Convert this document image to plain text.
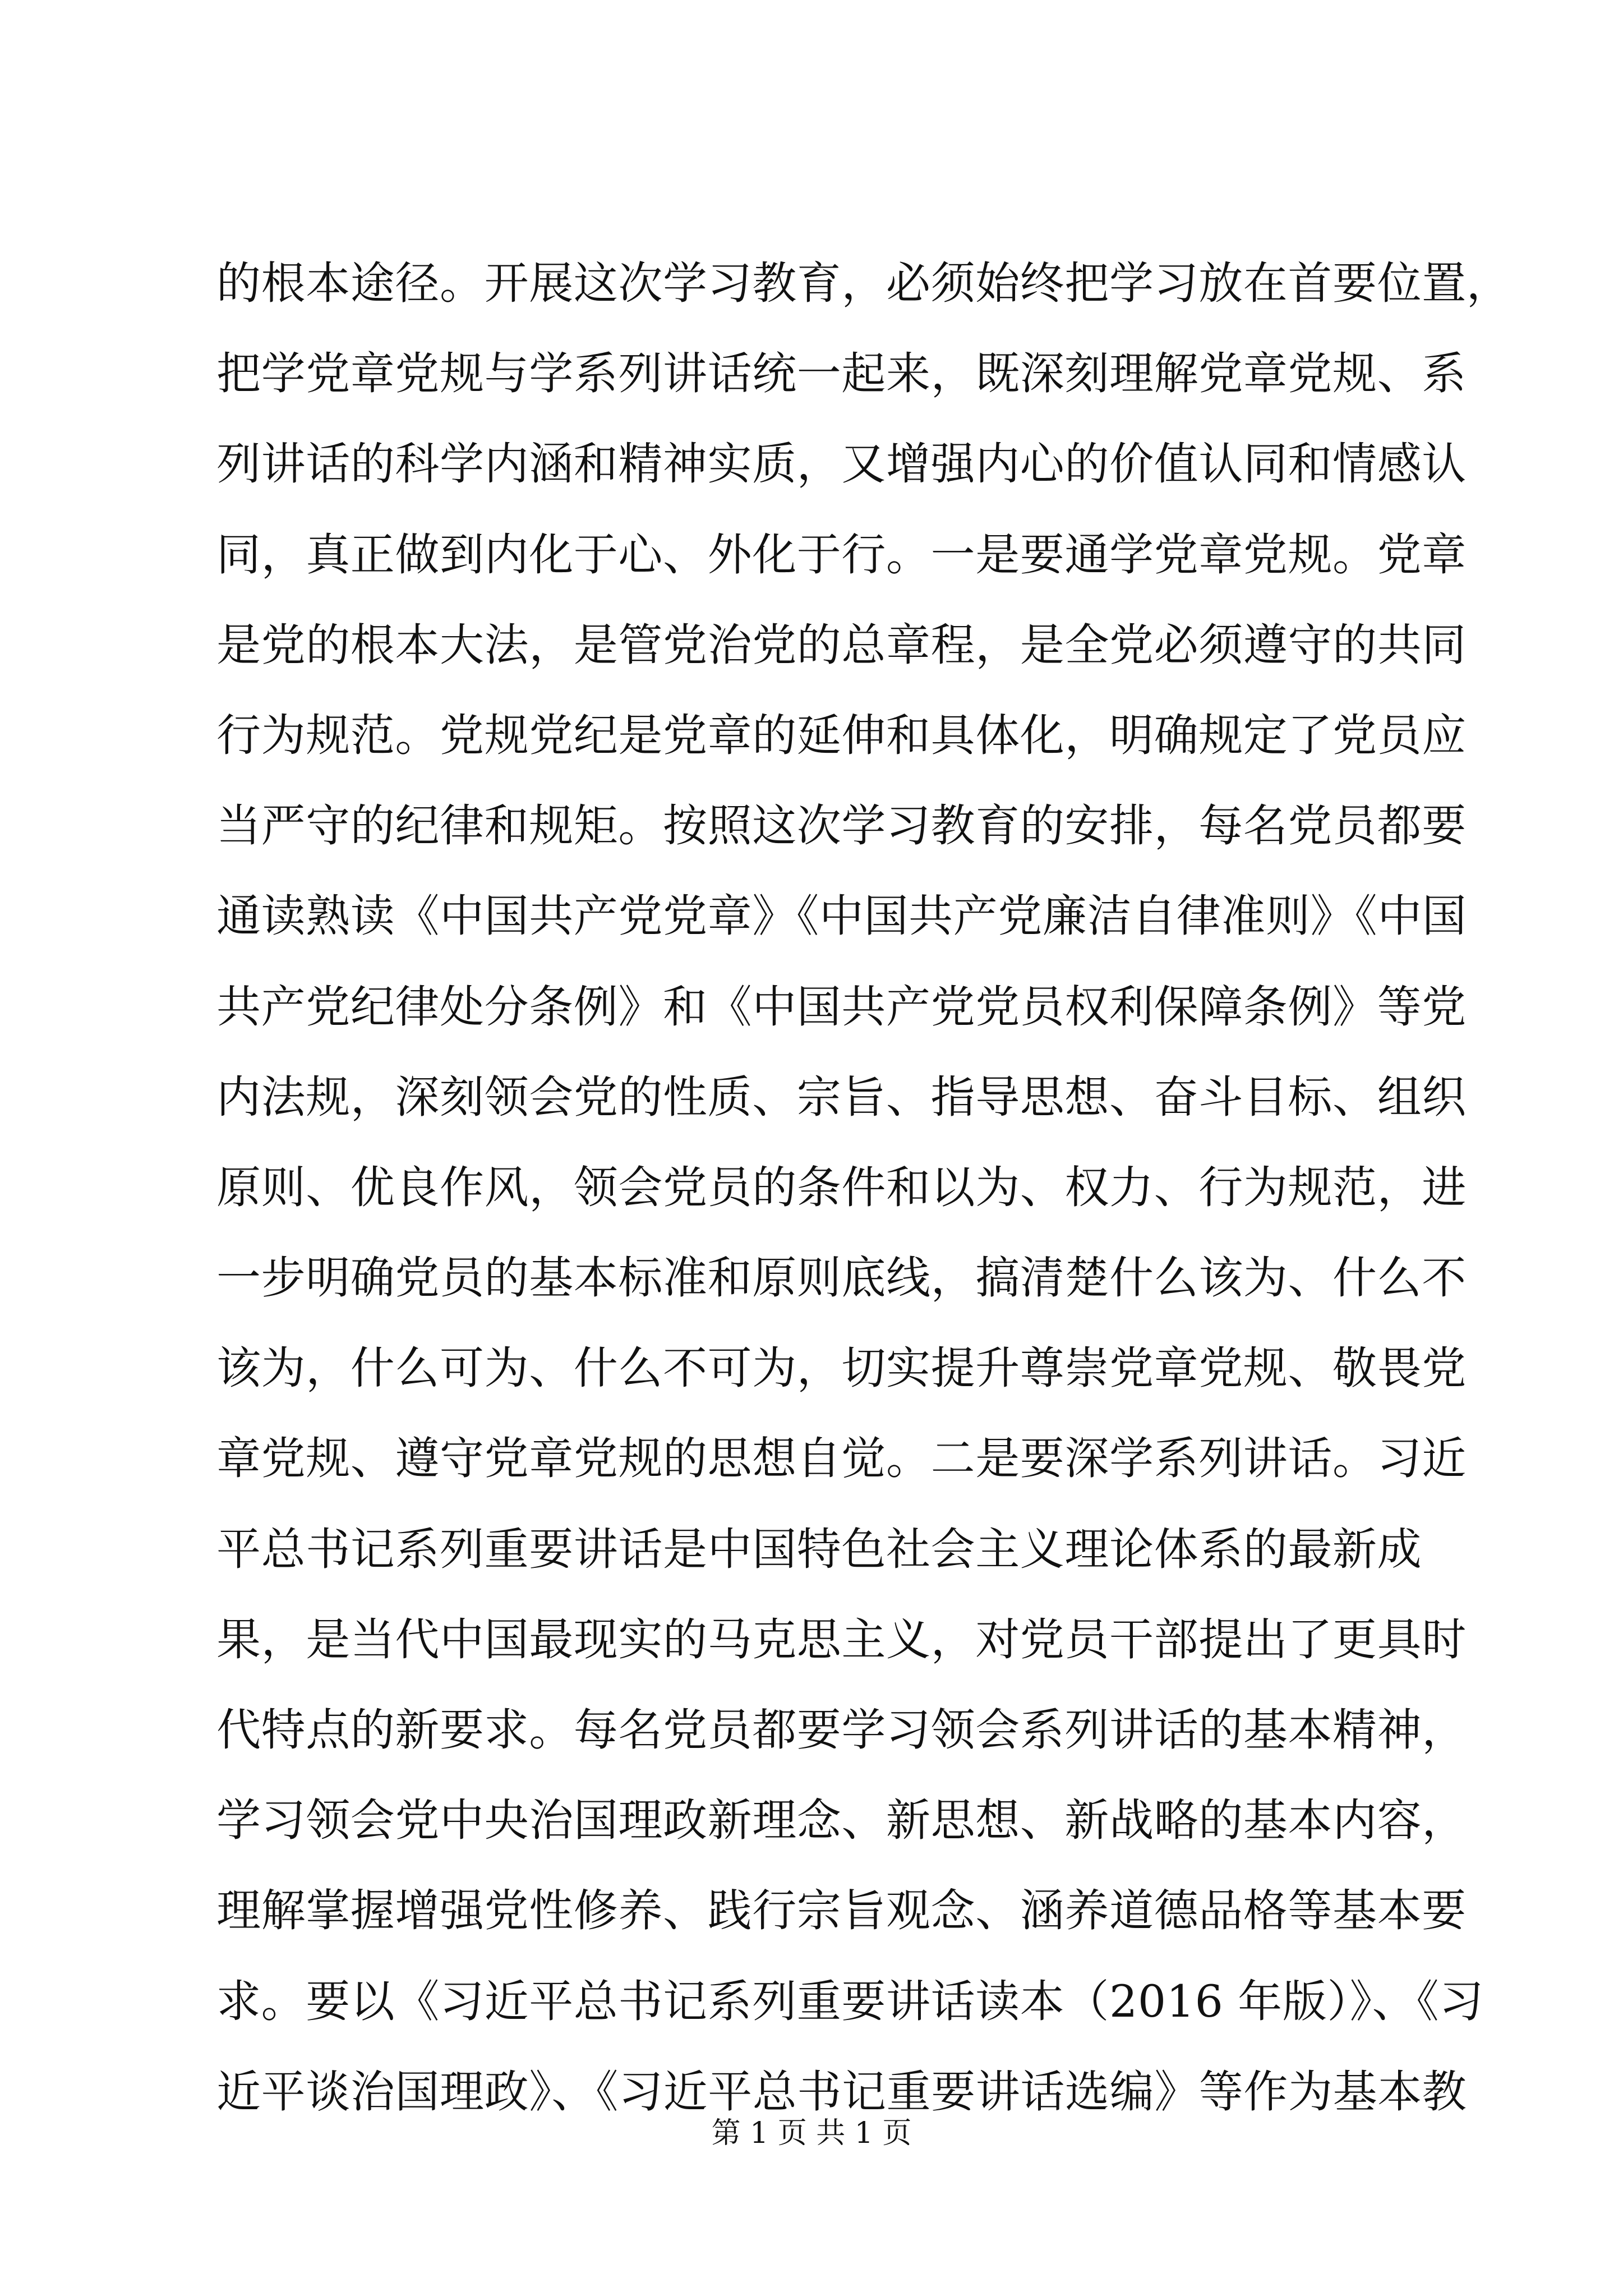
的根本途径。开展这次学习教育，必须始终把学习放在首要位置，
把学党章党规与学系列讲话统一起来，既深刻理解党章党规、系
列讲话的科学内涵和精神实质，又增强内心的价值认同和情感认
同，真正做到内化于心、外化于行。一是要通学党章党规。党章
是党的根本大法，是管党治党的总章程，是全党必须遵守的共同
行为规范。党规党纪是党章的延伸和具体化，明确规定了党员应
当严守的纪律和规矩。按照这次学习教育的安排，每名党员都要
通读熟读《中国共产党党章》《中国共产党廉洁自律准则》《中国
共产党纪律处分条例》和《中国共产党党员权利保障条例》等党
内法规，深刻领会党的性质、宗旨、指导思想、奋斗目标、组织
原则、优良作风，领会党员的条件和以为、权力、行为规范，进
一步明确党员的基本标准和原则底线，搞清楚什么该为、什么不
该为，什么可为、什么不可为，切实提升尊崇党章党规、敬畏党
章党规、遵守党章党规的思想自觉。二是要深学系列讲话。习近
平总书记系列重要讲话是中国特色社会主义理论体系的最新成
果，是当代中国最现实的马克思主义，对党员干部提出了更具时
代特点的新要求。每名党员都要学习领会系列讲话的基本精神，
学习领会党中央治国理政新理念、新思想、新战略的基本内容，
理解掌握增强党性修养、践行宗旨观念、涵养道德品格等基本要
求。要以《习近平总书记系列重要讲话读本（2016 年版）》、《习
近平谈治国理政》、《习近平总书记重要讲话选编》等作为基本教
第 1 页 共 1 页
